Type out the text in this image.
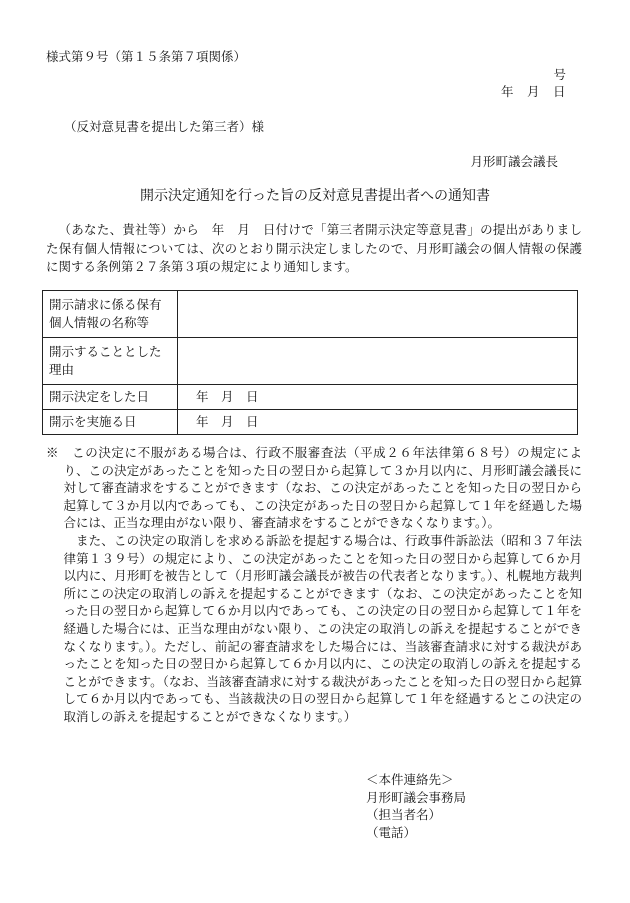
様式第９号（第１５条第７項関係）
号
年　月　日
（反対意見書を提出した第三者）様
月形町議会議長
開示決定通知を行った旨の反対意見書提出者への通知書
（あなた、貴社等）から　年　月　日付けで「第三者開示決定等意見書」の提出がありました保有個人情報については、次のとおり開示決定しましたので、月形町議会の個人情報の保護に関する条例第２７条第３項の規定により通知します。
開示請求に係る保有個人情報の名称等	
開示することとした理由	
開示決定をした日	年　月　日
開示を実施る日	年　月　日

※　この決定に不服がある場合は、行政不服審査法（平成２６年法律第６８号）の規定により、この決定があったことを知った日の翌日から起算して３か月以内に、月形町議会議長に対して審査請求をすることができます（なお、この決定があったことを知った日の翌日から起算して３か月以内であっても、この決定があった日の翌日から起算して１年を経過した場合には、正当な理由がない限り、審査請求をすることができなくなります。）。

また、この決定の取消しを求める訴訟を提起する場合は、行政事件訴訟法（昭和３７年法律第１３９号）の規定により、この決定があったことを知った日の翌日から起算して６か月以内に、月形町を被告として（月形町議会議長が被告の代表者となります。）、札幌地方裁判所にこの決定の取消しの訴えを提起することができます（なお、この決定があったことを知った日の翌日から起算して６か月以内であっても、この決定の日の翌日から起算して１年を経過した場合には、正当な理由がない限り、この決定の取消しの訴えを提起することができなくなります。）。ただし、前記の審査請求をした場合には、当該審査請求に対する裁決があったことを知った日の翌日から起算して６か月以内に、この決定の取消しの訴えを提起することができます。（なお、当該審査請求に対する裁決があったことを知った日の翌日から起算して６か月以内であっても、当該裁決の日の翌日から起算して１年を経過するとこの決定の取消しの訴えを提起することができなくなります。）

＜本件連絡先＞
月形町議会事務局
（担当者名）
（電話）
